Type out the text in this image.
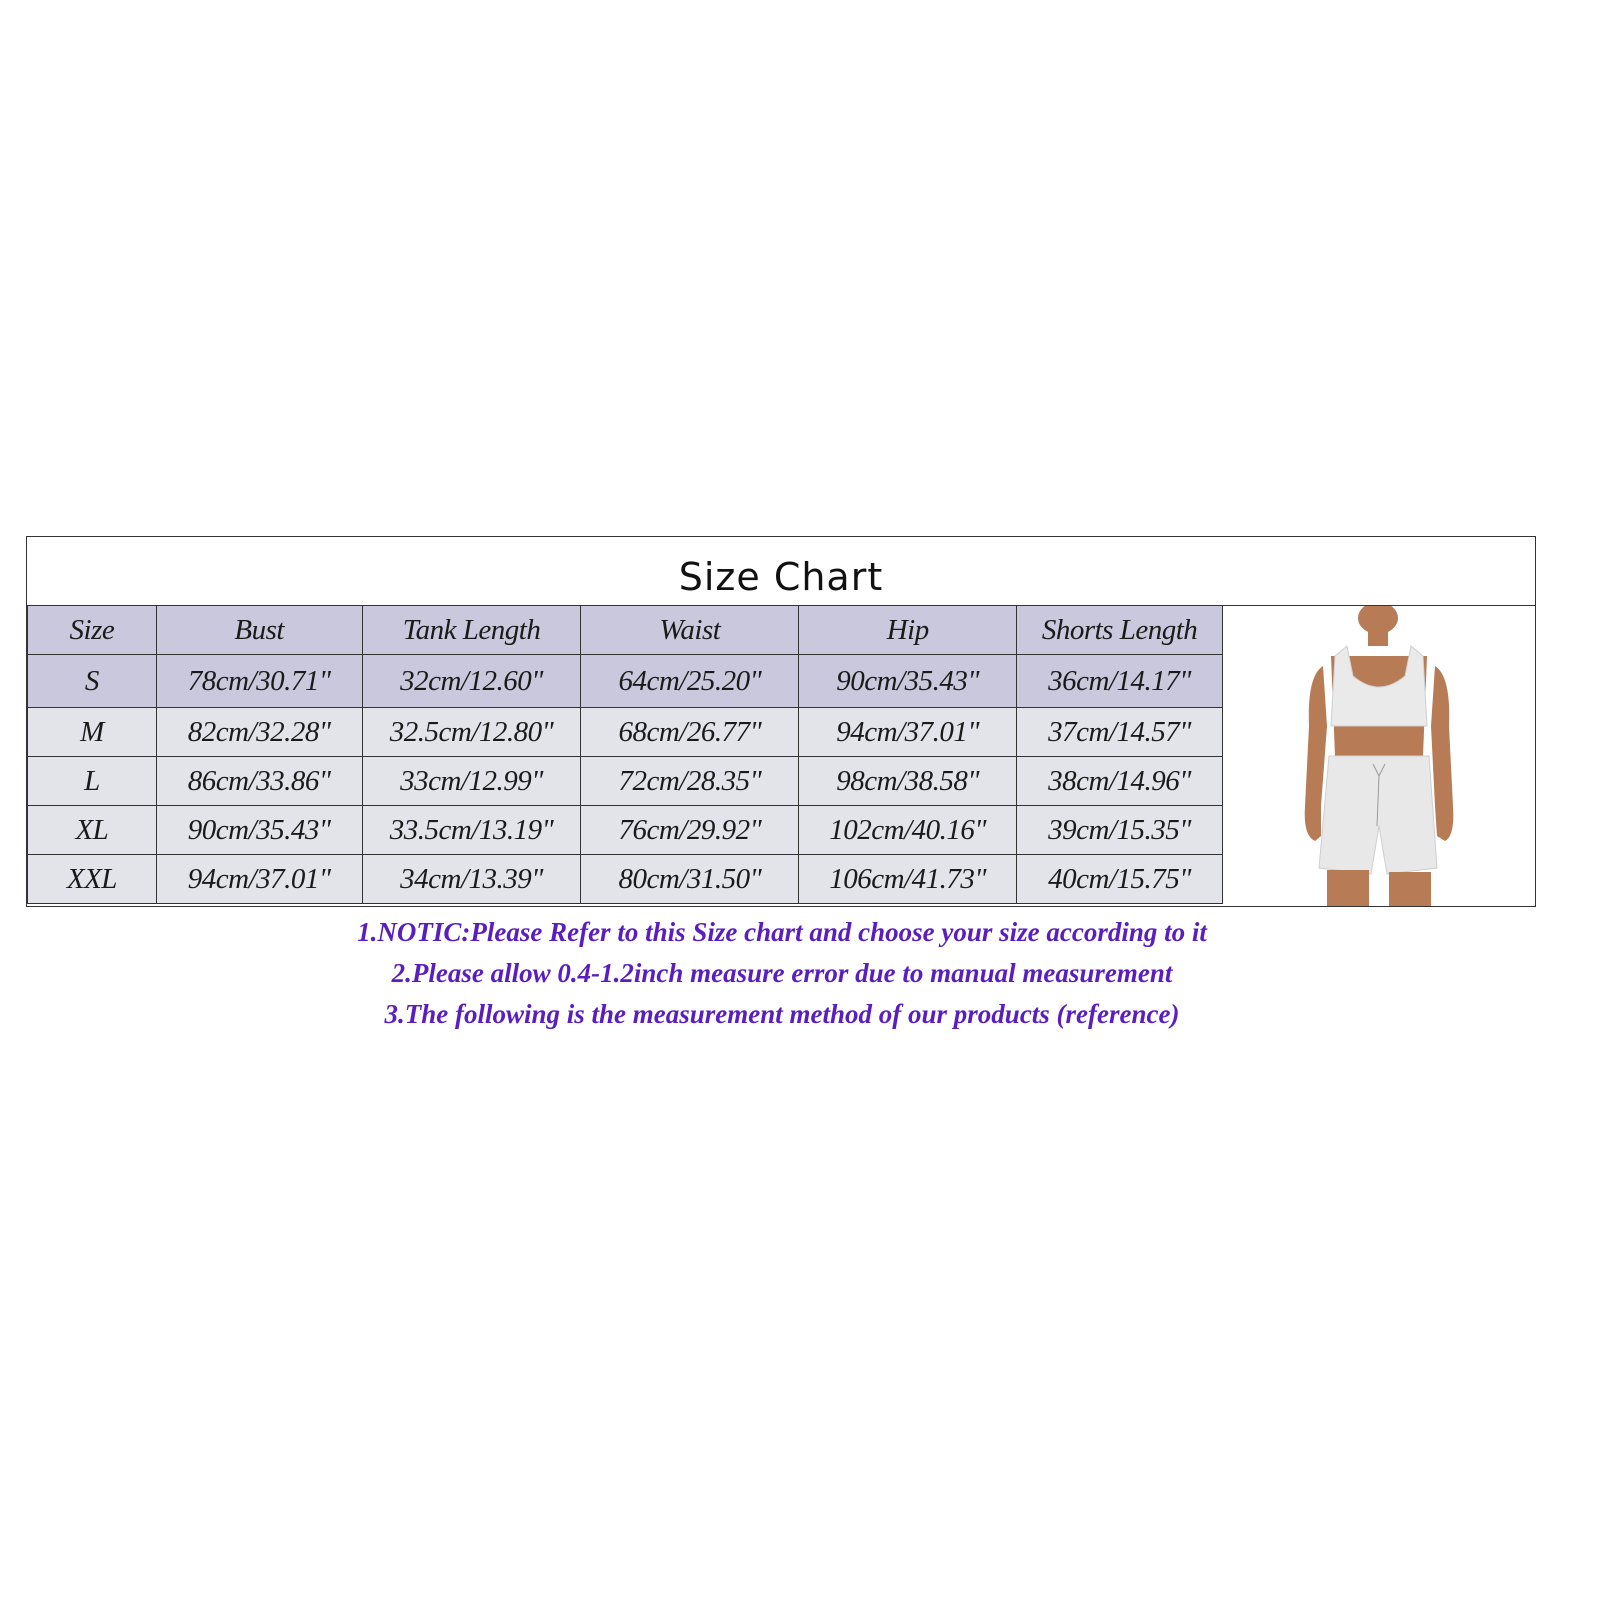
Size Chart
Size	Bust	Tank Length	Waist	Hip	Shorts Length
S	78cm/30.71"	32cm/12.60"	64cm/25.20"	90cm/35.43"	36cm/14.17"
M	82cm/32.28"	32.5cm/12.80"	68cm/26.77"	94cm/37.01"	37cm/14.57"
L	86cm/33.86"	33cm/12.99"	72cm/28.35"	98cm/38.58"	38cm/14.96"
XL	90cm/35.43"	33.5cm/13.19"	76cm/29.92"	102cm/40.16"	39cm/15.35"
XXL	94cm/37.01"	34cm/13.39"	80cm/31.50"	106cm/41.73"	40cm/15.75"
1.NOTIC:Please Refer to this Size chart and choose your size according to it
2.Please allow 0.4-1.2inch measure error due to manual measurement
3.The following is the measurement method of our products (reference)
